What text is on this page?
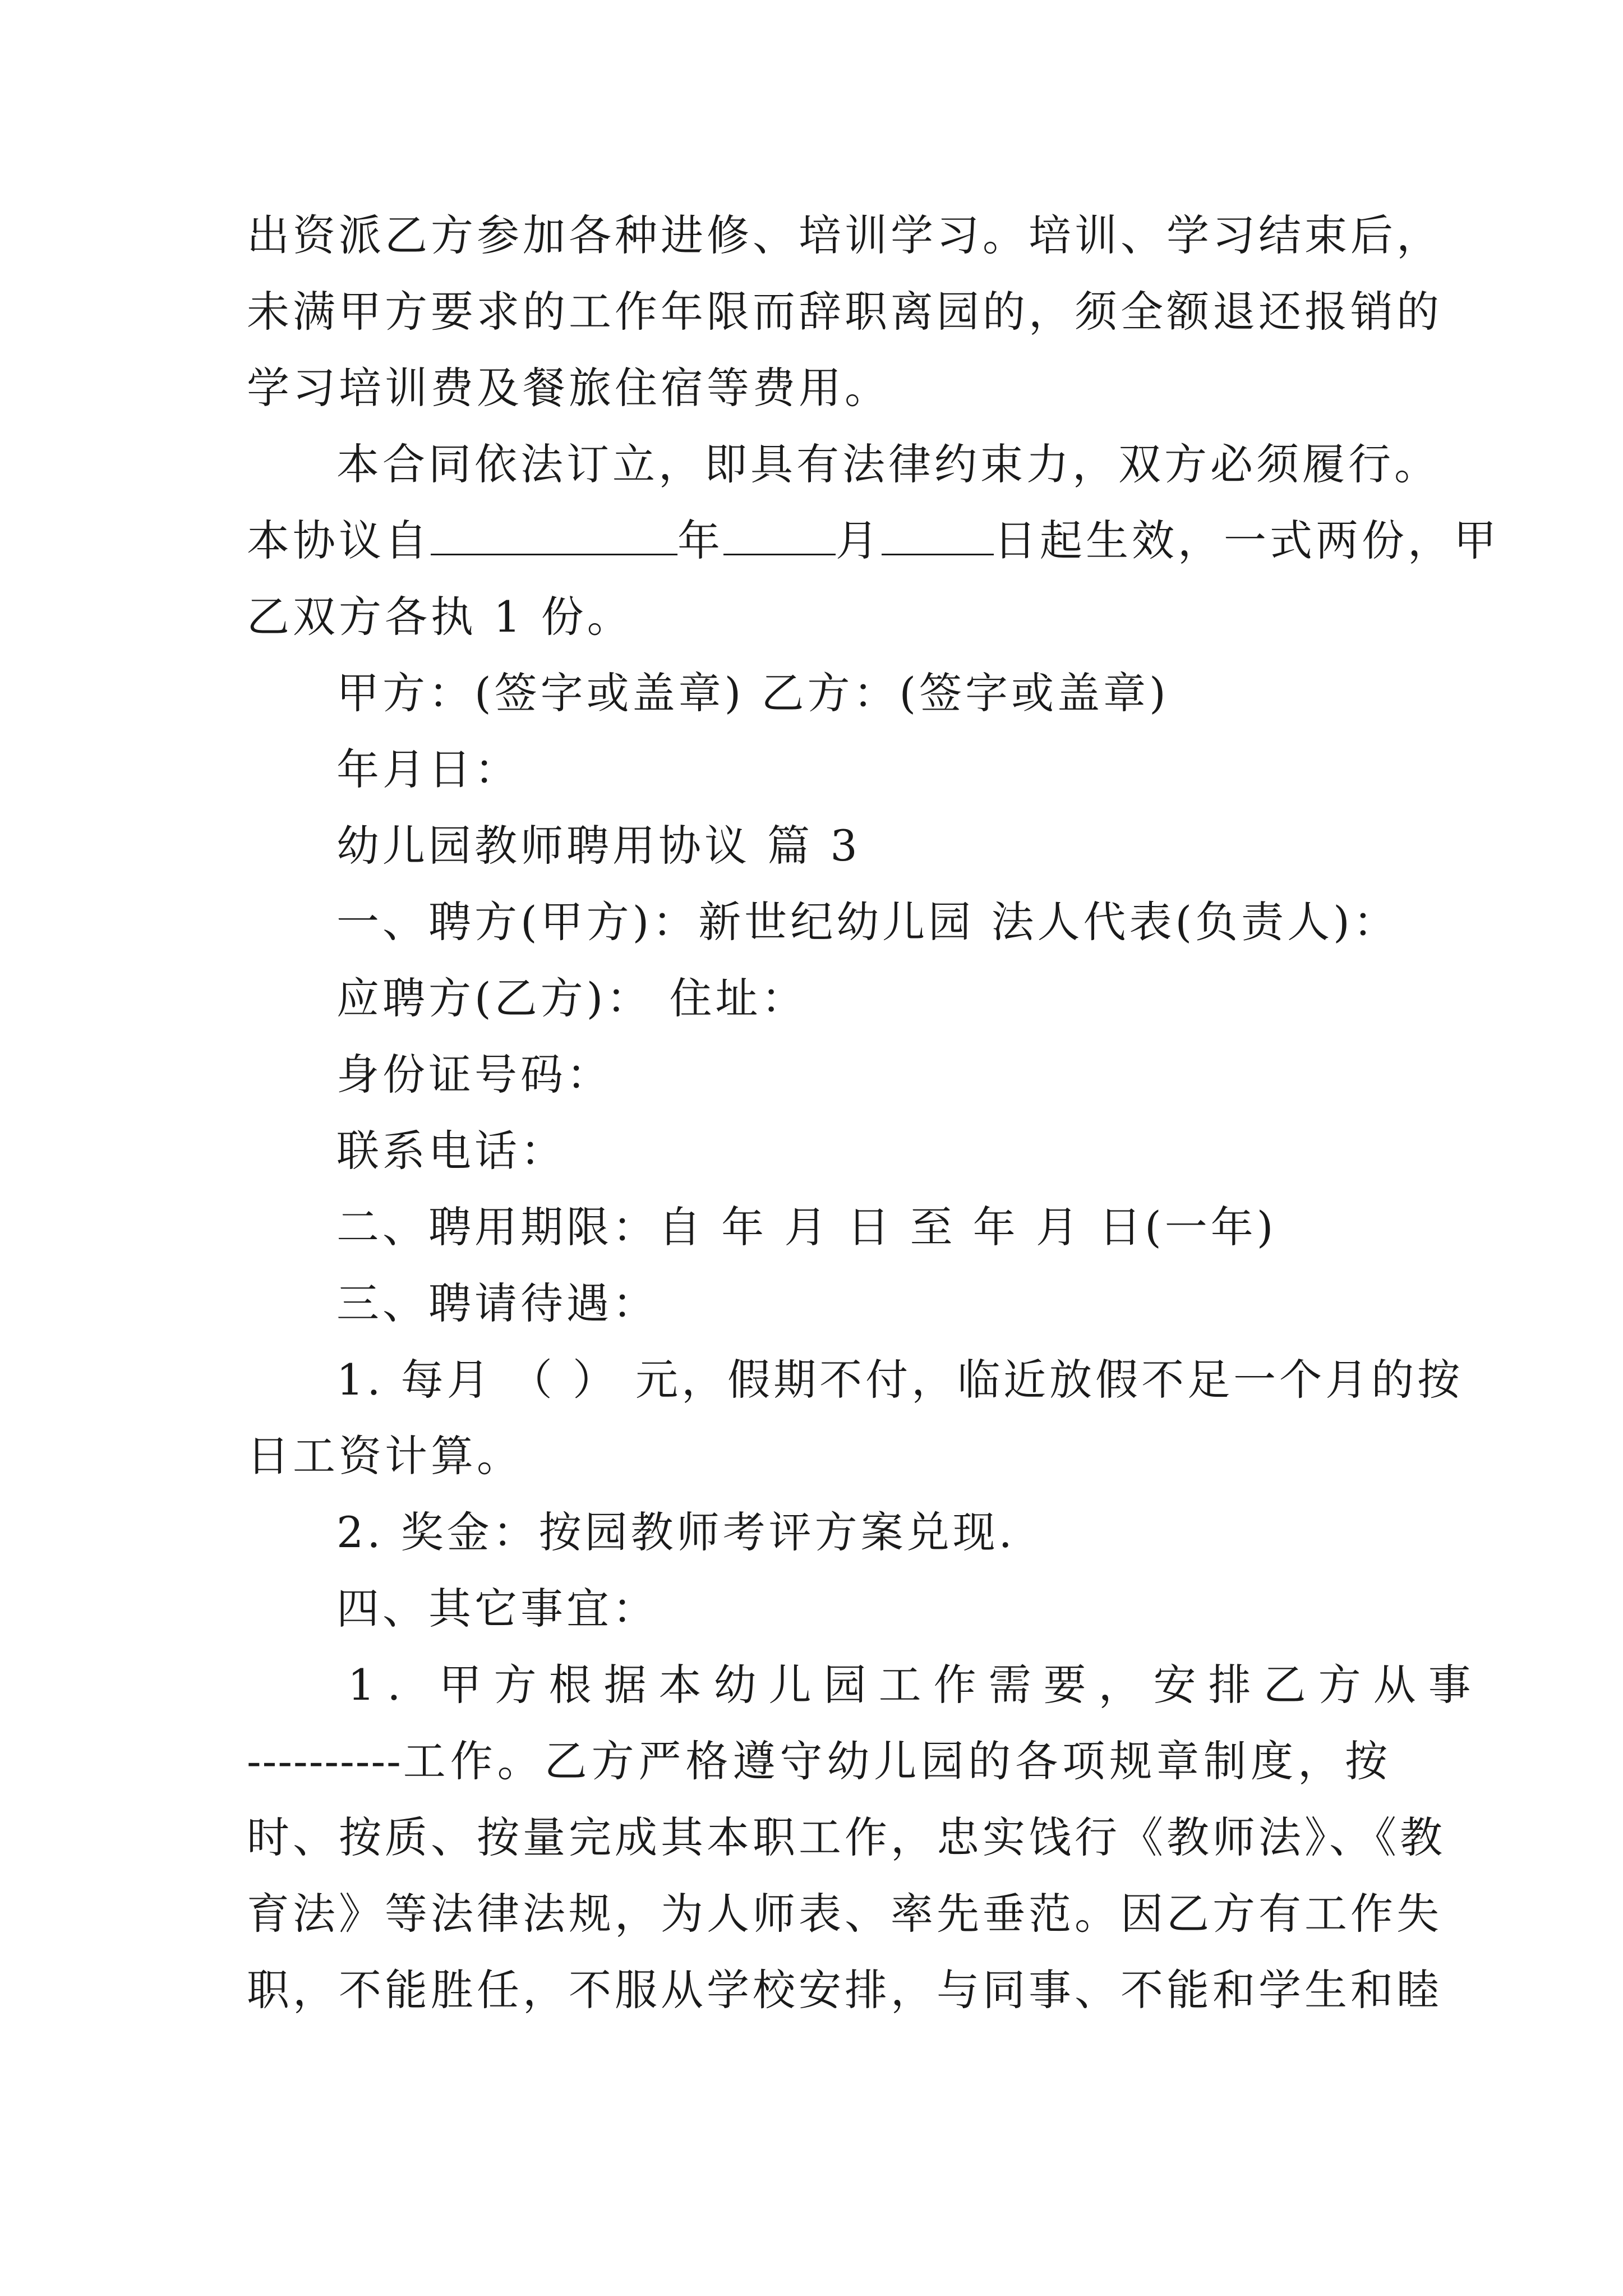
出资派乙方参加各种进修、培训学习。培训、学习结束后，
未满甲方要求的工作年限而辞职离园的，须全额退还报销的
学习培训费及餐旅住宿等费用。
本合同依法订立，即具有法律约束力，双方必须履行。
本协议自	年	月	日起生效，一式两份，甲
乙双方各执 1 份。
甲方：(签字或盖章) 乙方：(签字或盖章)
年月日：
幼儿园教师聘用协议 篇 3
一、聘方(甲方)：新世纪幼儿园 法人代表(负责人)：
应聘方(乙方)： 住址：
身份证号码：
联系电话：
二、聘用期限：自 年 月 日 至 年 月 日(一年)
三、聘请待遇：
1. 每月 （ ） 元，假期不付，临近放假不足一个月的按
日工资计算。
2. 奖金：按园教师考评方案兑现.
四、其它事宜：
1. 甲方根据本幼儿园工作需要，安排乙方从事
----------工作。乙方严格遵守幼儿园的各项规章制度，按
时、按质、按量完成其本职工作，忠实饯行《教师法》、《教
育法》等法律法规，为人师表、率先垂范。因乙方有工作失
职，不能胜任，不服从学校安排，与同事、不能和学生和睦
